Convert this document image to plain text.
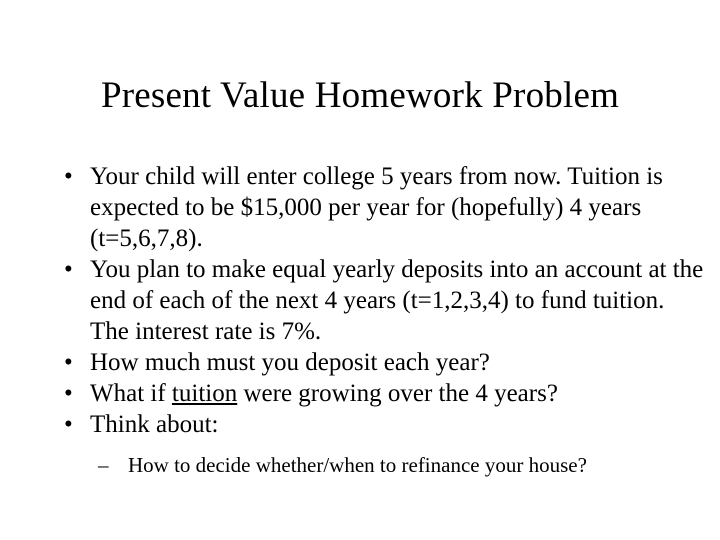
Present Value Homework Problem
• Your child will enter college 5 years from now. Tuition is expected to be $15,000 per year for (hopefully) 4 years (t=5,6,7,8).
• You plan to make equal yearly deposits into an account at the end of each of the next 4 years (t=1,2,3,4) to fund tuition. The interest rate is 7%.
• How much must you deposit each year?
• What if tuition were growing over the 4 years?
• Think about:
– How to decide whether/when to refinance your house?
